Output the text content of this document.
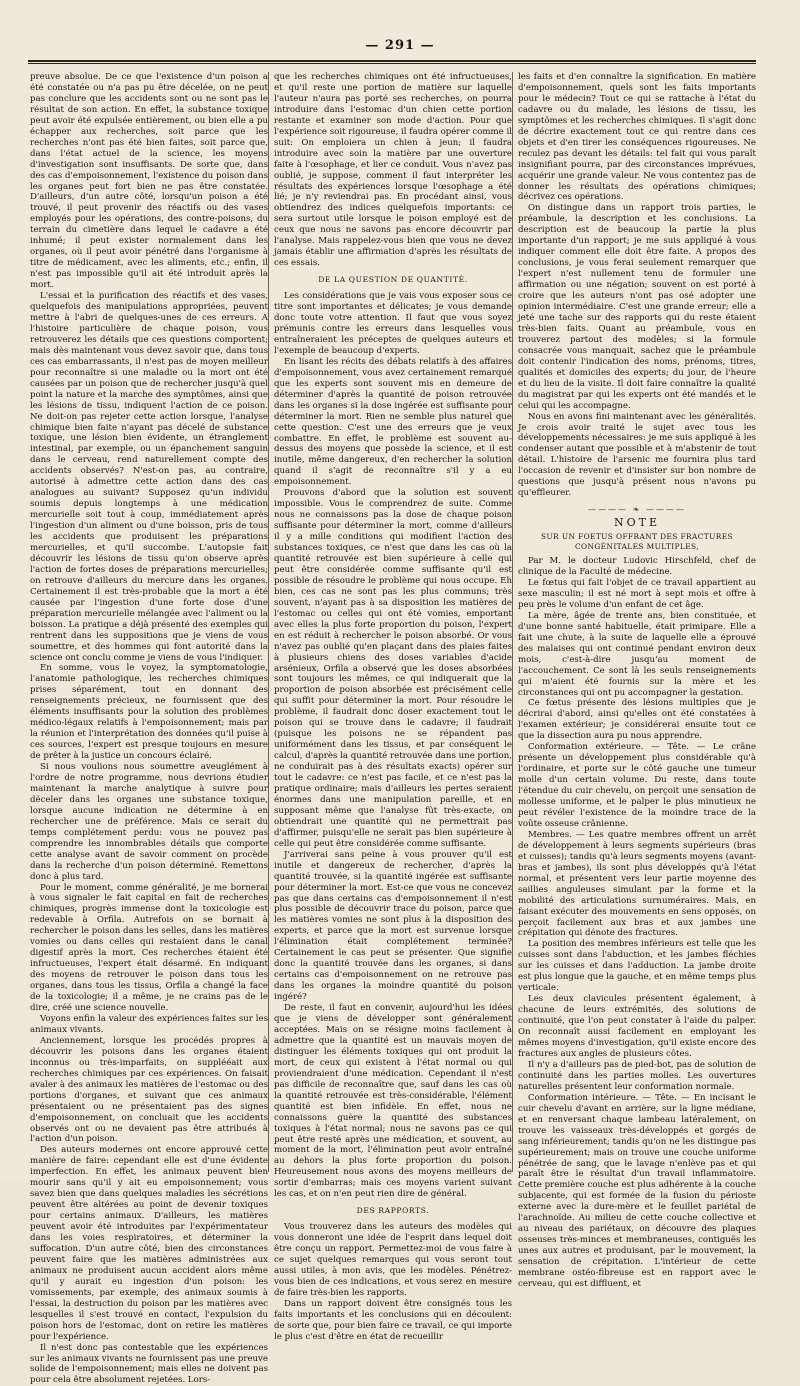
— 291 —

preuve absolue. De ce que l'existence d'un poison a été constatée ou n'a pas pu être décelée, on ne peut pas conclure que les accidents sont ou ne sont pas le résultat de son action. En effet, la substance toxique peut avoir été expulsée entièrement, ou bien elle a pu échapper aux recherches, soit parce que les recherches n'ont pas été bien faites, soit parce que, dans l'état actuel de la science, les moyens d'investigation sont insuffisants. De sorte que, dans des cas d'empoisonnement, l'existence du poison dans les organes peut fort bien ne pas être constatée. D'ailleurs, d'un autre côté, lorsqu'un poison a été trouvé, il peut provenir des réactifs ou des vases employés pour les opérations, des contre-poisons, du terrain du cimetière dans lequel le cadavre a été inhumé; il peut exister normalement dans les organes, où il peut avoir pénétré dans l'organisme à titre de médicament, avec les aliments, etc.; enfin, il n'est pas impossible qu'il ait été introduit après la mort.

L'essai et la purification des réactifs et des vases, quelquefois des manipulations appropriées, peuvent mettre à l'abri de quelques-unes de ces erreurs. A l'histoire particulière de chaque poison, vous retrouverez les détails que ces questions comportent; mais dès maintenant vous devez savoir que, dans tous ces cas embarrassants, il n'est pas de moyen meilleur pour reconnaître si une maladie ou la mort ont été causées par un poison que de rechercher jusqu'à quel point la nature et la marche des symptômes, ainsi que les lésions de tissu, indiquent l'action de ce poison. Ne doit-on pas rejeter cette action lorsque, l'analyse chimique bien faite n'ayant pas décelé de substance toxique, une lésion bien évidente, un étranglement intestinal, par exemple, ou un épanchement sanguin dans le cerveau, rend naturellement compte des accidents observés? N'est-on pas, au contraire, autorisé à admettre cette action dans des cas analogues au suivant? Supposez qu'un individu soumis depuis longtemps à une médication mercurielle soit tout à coup, immédiatement après l'ingestion d'un aliment ou d'une boisson, pris de tous les accidents que produisent les préparations mercurielles, et qu'il succombe. L'autopsie fait découvrir les lésions de tissu qu'on observe après l'action de fortes doses de préparations mercurielles; on retrouve d'ailleurs du mercure dans les organes. Certainement il est très-probable que la mort a été causée par l'ingestion d'une forte dose d'une préparation mercurielle mélangée avec l'aliment ou la boisson. La pratique a déjà présenté des exemples qui rentrent dans les suppositions que je viens de vous soumettre, et des hommes qui font autorité dans la science ont conclu comme je viens de vous l'indiquer.

En somme, vous le voyez, la symptomatologie, l'anatomie pathologique, les recherches chimiques prises séparément, tout en donnant des renseignements précieux, ne fournissent que des éléments insuffisants pour la solution des problèmes médico-légaux relatifs à l'empoisonnement; mais par la réunion et l'interprétation des données qu'il puise à ces sources, l'expert est presque toujours en mesure de prêter à la justice un concours éclairé.

Si nous voulions nous soumettre aveuglément à l'ordre de notre programme, nous devrions étudier maintenant la marche analytique à suivre pour déceler dans les organes une substance toxique, lorsque aucune indication ne détermine à en rechercher une de préférence. Mais ce serait du temps complétement perdu: vous ne pouvez pas comprendre les innombrables détails que comporte cette analyse avant de savoir comment on procède dans la recherche d'un poison déterminé. Remettons donc à plus tard.

Pour le moment, comme généralité, je me bornerai à vous signaler le fait capital en fait de recherches chimiques, progrès immense dont la toxicologie est redevable à Orfila. Autrefois on se bornait à rechercher le poison dans les selles, dans les matières vomies ou dans celles qui restaient dans le canal digestif après la mort. Ces recherches étaient été infructueuses, l'expert était désarmé. En indiquant des moyens de retrouver le poison dans tous les organes, dans tous les tissus, Orfila a changé la face de la toxicologie; il a même, je ne crains pas de le dire, créé une science nouvelle.

Voyons enfin la valeur des expériences faites sur les animaux vivants.

Anciennement, lorsque les procédés propres à découvrir les poisons dans les organes étaient inconnus ou très-imparfaits, on supplééait aux recherches chimiques par ces expériences. On faisait avaler à des animaux les matières de l'estomac ou des portions d'organes, et suivant que ces animaux présentaient ou ne présentaient pas des signes d'empoisonnement, on concluait que les accidents observés ont ou ne devaient pas être attribués à l'action d'un poison.

Des auteurs modernes ont encore approuvé cette manière de faire: cependant elle est d'une évidente imperfection. En effet, les animaux peuvent bien mourir sans qu'il y ait eu empoisonnement; vous savez bien que dans quelques maladies les sécrétions peuvent être altérées au point de devenir toxiques pour certains animaux. D'ailleurs, les matières peuvent avoir été introduites par l'expérimentateur dans les voies respiratoires, et déterminer la suffocation. D'un autre côté, bien des circonstances peuvent faire que les matières administrées aux animaux ne produisent aucun accident alors même qu'il y aurait eu ingestion d'un poison: les vomissements, par exemple, des animaux soumis à l'essai, la destruction du poison par les matières avec lesquelles il s'est trouvé en contact, l'expulsion du poison hors de l'estomac, dont on retire les matières pour l'expérience.

Il n'est donc pas contestable que les expériences sur les animaux vivants ne fournissent pas une preuve solide de l'empoisonnement; mais elles ne doivent pas pour cela être absolument rejetées. Lors-

que les recherches chimiques ont été infructueuses, et qu'il reste une portion de matière sur laquelle l'auteur n'aura pas porté ses recherches, on pourra introduire dans l'estomac d'un chien cette portion restante et examiner son mode d'action. Pour que l'expérience soit rigoureuse, il faudra opérer comme il suit: On emploiera un chien à jeun; il faudra introduire avec soin la matière par une ouverture faite à l'œsophage, et lier ce conduit. Vous n'avez pas oublié, je suppose, comment il faut interpréter les résultats des expériences lorsque l'œsophage a été lié; je n'y reviendrai pas. En procédant ainsi, vous obtiendrez des indices quelquefois importants: ce sera surtout utile lorsque le poison employé est de ceux que nous ne savons pas encore découvrir par l'analyse. Mais rappelez-vous bien que vous ne devez jamais établir une affirmation d'après les résultats de ces essais.

DE LA QUESTION DE QUANTITÉ.

Les considérations que je vais vous exposer sous ce titre sont importantes et délicates; je vous demande donc toute votre attention. Il faut que vous soyez prémunis contre les erreurs dans lesquelles vous entraîneraient les préceptes de quelques auteurs et l'exemple de beaucoup d'experts.

En lisant les récits des débats relatifs à des affaires d'empoisonnement, vous avez certainement remarqué que les experts sont souvent mis en demeure de déterminer d'après la quantité de poison retrouvée dans les organes si la dose ingérée est suffisante pour déterminer la mort. Rien ne semble plus naturel que cette question. C'est une des erreurs que je veux combattre. En effet, le problème est souvent au-dessus des moyens que possède la science, et il est inutile, même dangereux, d'en rechercher la solution quand il s'agit de reconnaître s'il y a eu empoisonnement.

Prouvons d'abord que la solution est souvent impossible. Vous le comprendrez de suite. Comme nous ne connaissons pas la dose de chaque poison suffisante pour déterminer la mort, comme d'ailleurs il y a mille conditions qui modifient l'action des substances toxiques, ce n'est que dans les cas où la quantité retrouvée est bien supérieure à celle qui peut être considérée comme suffisante qu'il est possible de résoudre le problème qui nous occupe. Eh bien, ces cas ne sont pas les plus communs; très souvent, n'ayant pas à sa disposition les matières de l'estomac ou celles qui ont été vomies, emportant avec elles la plus forte proportion du poison, l'expert en est réduit à rechercher le poison absorbé. Or vous n'avez pas oublié qu'en plaçant dans des plaies faites à plusieurs chiens des doses variables d'acide arsénieux, Orfila a observé que les doses absorbées sont toujours les mêmes, ce qui indiquerait que la proportion de poison absorbée est précisément celle qui suffit pour déterminer la mort. Pour résoudre le problème, il faudrait donc doser exactement tout le poison qui se trouve dans le cadavre; il faudrait (puisque les poisons ne se répandent pas uniformément dans les tissus, et par conséquent le calcul, d'après la quantité retrouvée dans une portion, ne conduirait pas à des résultats exacts) opérer sur tout le cadavre: ce n'est pas facile, et ce n'est pas la pratique ordinaire; mais d'ailleurs les pertes seraient énormes dans une manipulation pareille, et en supposant même que l'analyse fût très-exacte, on obtiendrait une quantité qui ne permettrait pas d'affirmer, puisqu'elle ne serait pas bien supérieure à celle qui peut être considérée comme suffisante.

J'arriverai sans peine à vous prouver qu'il est inutile et dangereux de rechercher, d'après la quantité trouvée, si la quantité ingérée est suffisante pour déterminer la mort. Est-ce que vous ne concevez pas que dans certains cas d'empoisonnement il n'est plus possible de découvrir trace du poison, parce que les matières vomies ne sont plus à la disposition des experts, et parce que la mort est survenue lorsque l'élimination était complétement terminée? Certainement le cas peut se présenter. Que signifie donc la quantité trouvée dans les organes, si dans certains cas d'empoisonnement on ne retrouve pas dans les organes la moindre quantité du poison ingéré?

De reste, il faut en convenir, aujourd'hui les idées que je viens de développer sont généralement acceptées. Mais on se résigne moins facilement à admettre que la quantité est un mauvais moyen de distinguer les éléments toxiques qui ont produit la mort, de ceux qui existent à l'état normal ou qui proviendraient d'une médication. Cependant il n'est pas difficile de reconnaître que, sauf dans les cas où la quantité retrouvée est très-considérable, l'élément quantité est bien infidèle. En effet, nous ne connaissons guère la quantité des substances toxiques à l'état normal; nous ne savons pas ce qui peut être resté après une médication, et souvent, au moment de la mort, l'élimination peut avoir entraîné au dehors la plus forte proportion du poison. Heureusement nous avons des moyens meilleurs de sortir d'embarras; mais ces moyens varient suivant les cas, et on n'en peut rien dire de général.

DES RAPPORTS.

Vous trouverez dans les auteurs des modèles qui vous donneront une idée de l'esprit dans lequel doit être conçu un rapport. Permettez-moi de vous faire à ce sujet quelques remarques qui vous seront tout aussi utiles, à mon avis, que les modèles. Pénétrez-vous bien de ces indications, et vous serez en mesure de faire très-bien les rapports.

Dans un rapport doivent être consignés tous les faits importants et les conclusions qui en découlent: de sorte que, pour bien faire ce travail, ce qui importe le plus c'est d'être en état de recueillir

les faits et d'en connaître la signification. En matière d'empoisonnement, quels sont les faits importants pour le médecin? Tout ce qui se rattache à l'état du cadavre ou du malade, les lésions de tissu, les symptômes et les recherches chimiques. Il s'agit donc de décrire exactement tout ce qui rentre dans ces objets et d'en tirer les conséquences rigoureuses. Ne reculez pas devant les détails: tel fait qui vous paraît insignifiant pourra, par des circonstances imprévues, acquérir une grande valeur. Ne vous contentez pas de donner les résultats des opérations chimiques; décrivez ces opérations.

On distingue dans un rapport trois parties, le préambule, la description et les conclusions. La description est de beaucoup la partie la plus importante d'un rapport; je me suis appliqué à vous indiquer comment elle doit être faite. A propos des conclusions, je vous ferai seulement remarquer que l'expert n'est nullement tenu de formuler une affirmation ou une négation; souvent on est porté à croire que les auteurs n'ont pas osé adopter une opinion intermédiaire. C'est une grande erreur; elle a jeté une tache sur des rapports qui du reste étaient très-bien faits. Quant au préambule, vous en trouverez partout des modèles; si la formule consacrée vous manquait, sachez que le préambule doit contenir l'indication des noms, prénoms, titres, qualités et domiciles des experts; du jour, de l'heure et du lieu de la visite. Il doit faire connaître la qualité du magistrat par qui les experts ont été mandés et le celui qui les accompagne.

Nous en avons fini maintenant avec les généralités. Je crois avoir traité le sujet avec tous les développements nécessaires: je me suis appliqué à les condenser autant que possible et à m'abstenir de tout détail. L'histoire de l'arsenic me fournira plus tard l'occasion de revenir et d'insister sur bon nombre de questions que jusqu'à présent nous n'avons pu qu'effleurer.

———— ❧ ————
NOTE
SUR UN FOETUS OFFRANT DES FRACTURES CONGÉNITALES MULTIPLES,

Par M. le docteur Ludovic Hirschfeld, chef de clinique de la Faculté de médecine.

Le fœtus qui fait l'objet de ce travail appartient au sexe masculin; il est né mort à sept mois et offre à peu près le volume d'un enfant de cet âge.

La mère, âgée de trente ans, bien constituée, et d'une bonne santé habituelle, était primipare. Elle a fait une chute, à la suite de laquelle elle a éprouvé des malaises qui ont continué pendant environ deux mois, c'est-à-dire jusqu'au moment de l'accouchement. Ce sont là les seuls renseignements qui m'aient été fournis sur la mère et les circonstances qui ont pu accompagner la gestation.

Ce fœtus présente des lésions multiples que je décrirai d'abord, ainsi qu'elles ont été constatées à l'examen extérieur; je considérerai ensuite tout ce que la dissection aura pu nous apprendre.

Conformation extérieure. — Tête. — Le crâne présente un développement plus considérable qu'à l'ordinaire, et porte sur le côté gauche une tumeur molle d'un certain volume. Du reste, dans toute l'étendue du cuir chevelu, on perçoit une sensation de mollesse uniforme, et le palper le plus minutieux ne peut révéler l'existence de la moindre trace de la voûte osseuse crânienne.

Membres. — Les quatre membres offrent un arrêt de développement à leurs segments supérieurs (bras et cuisses); tandis qu'à leurs segments moyens (avant-bras et jambes), ils sont plus développés qu'à l'état normal, et présentent vers leur partie moyenne des saillies anguleuses simulant par la forme et la mobilité des articulations surnuméraires. Mais, en faisant exécuter des mouvements en sens opposés, on perçoit facilement aux bras et aux jambes une crépitation qui dénote des fractures.

La position des membres inférieurs est telle que les cuisses sont dans l'abduction, et les jambes fléchies sur les cuisses et dans l'adduction. La jambe droite est plus longue que la gauche, et en même temps plus verticale.

Les deux clavicules présentent également, à chacune de leurs extrémités, des solutions de continuité, que l'on peut constater à l'aide du palper. On reconnaît aussi facilement en employant les mêmes moyens d'investigation, qu'il existe encore des fractures aux angles de plusieurs côtes.

Il n'y a d'ailleurs pas de pied-bot, pas de solution de continuité dans les parties molles. Les ouvertures naturelles présentent leur conformation normale.

Conformation intérieure. — Tête. — En incisant le cuir chevelu d'avant en arrière, sur la ligne médiane, et en renversant chaque lambeau latéralement, on trouve les vaisseaux très-développés et gorgés de sang inférieurement; tandis qu'on ne les distingue pas supérieurement; mais on trouve une couche uniforme pénétrée de sang, que le lavage n'enlève pas et qui paraît être le résultat d'un travail inflammatoire. Cette première couche est plus adhérente à la couche subjacente, qui est formée de la fusion du périoste externe avec la dure-mère et le feuillet pariétal de l'arachnoïde. Au milieu de cette couche collective et au niveau des pariétaux, on découvre des plaques osseuses très-minces et membraneuses, contiguës les unes aux autres et produisant, par le mouvement, la sensation de crépitation. L'intérieur de cette membrane ostéo-fibreuse est en rapport avec le cerveau, qui est diffluent, et
